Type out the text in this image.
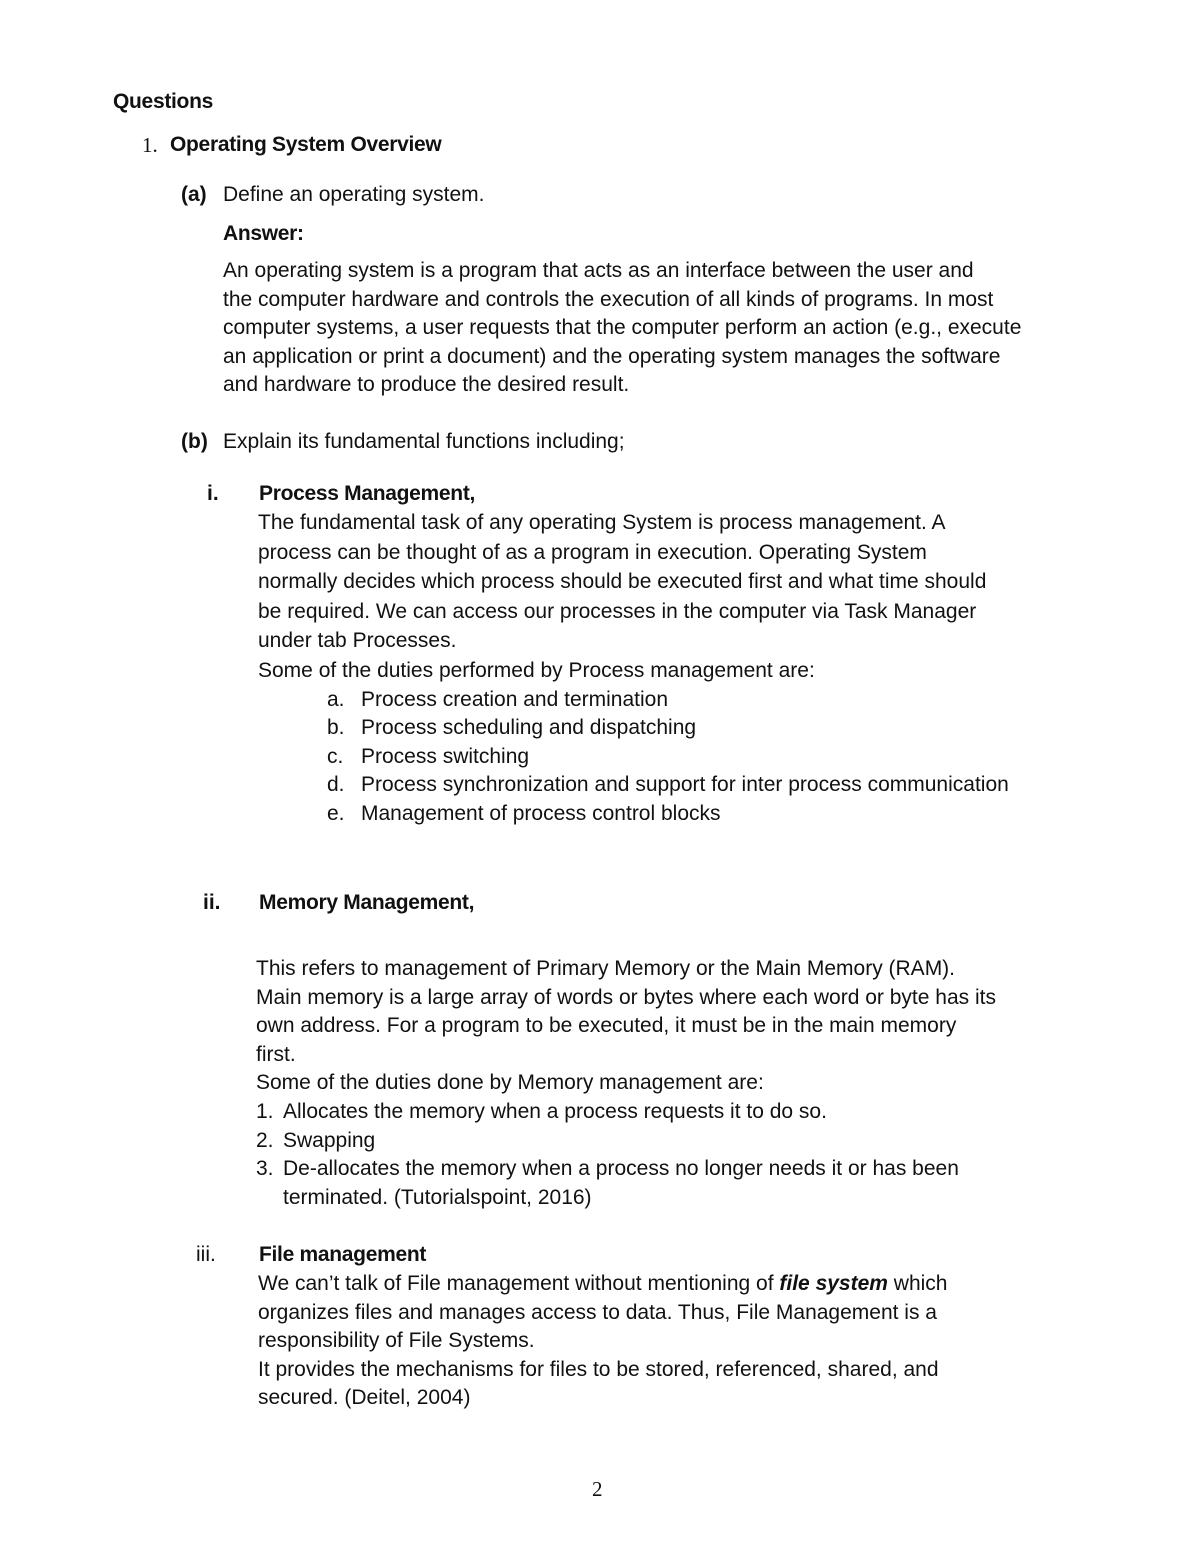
Questions
1. Operating System Overview
(a) Define an operating system.
Answer:

An operating system is a program that acts as an interface between the user and

the computer hardware and controls the execution of all kinds of programs. In most

computer systems, a user requests that the computer perform an action (e.g., execute

an application or print a document) and the operating system manages the software

and hardware to produce the desired result.

(b) Explain its fundamental functions including;
i. Process Management,

The fundamental task of any operating System is process management. A

process can be thought of as a program in execution. Operating System

normally decides which process should be executed first and what time should

be required. We can access our processes in the computer via Task Manager

under tab Processes.

Some of the duties performed by Process management are:

a. Process creation and termination

b. Process scheduling and dispatching

c. Process switching

d. Process synchronization and support for inter process communication

e. Management of process control blocks

ii. Memory Management,

This refers to management of Primary Memory or the Main Memory (RAM).

Main memory is a large array of words or bytes where each word or byte has its

own address. For a program to be executed, it must be in the main memory

first.

Some of the duties done by Memory management are:

1. Allocates the memory when a process requests it to do so.

2. Swapping

3. De-allocates the memory when a process no longer needs it or has been

terminated. (Tutorialspoint, 2016)

iii. File management

We can’t talk of File management without mentioning of file system which

organizes files and manages access to data. Thus, File Management is a

responsibility of File Systems.

It provides the mechanisms for files to be stored, referenced, shared, and

secured. (Deitel, 2004)

2
